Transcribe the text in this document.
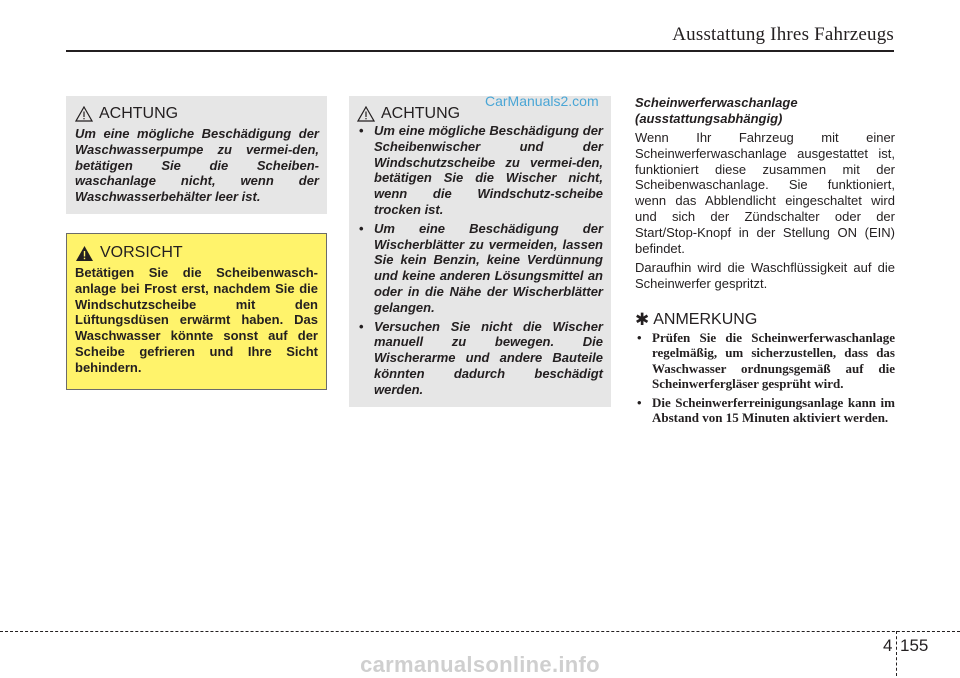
Ausstattung Ihres Fahrzeugs
ACHTUNG
Um eine mögliche Beschädigung der Waschwasserpumpe zu vermei-den, betätigen Sie die Scheiben-waschanlage nicht, wenn der Waschwasserbehälter leer ist.
VORSICHT
Betätigen Sie die Scheibenwasch-anlage bei Frost erst, nachdem Sie die Windschutzscheibe mit den Lüftungsdüsen erwärmt haben. Das Waschwasser könnte sonst auf der Scheibe gefrieren und Ihre Sicht behindern.
ACHTUNG
• Um eine mögliche Beschädigung der Scheibenwischer und der Windschutzscheibe zu vermei-den, betätigen Sie die Wischer nicht, wenn die Windschutz-scheibe trocken ist.
• Um eine Beschädigung der Wischerblätter zu vermeiden, lassen Sie kein Benzin, keine Verdünnung und keine anderen Lösungsmittel an oder in die Nähe der Wischerblätter gelangen.
• Versuchen Sie nicht die Wischer manuell zu bewegen. Die Wischerarme und andere Bauteile könnten dadurch beschädigt werden.
CarManuals2.com	Scheinwerferwaschanlage (ausstattungsabhängig)

Wenn Ihr Fahrzeug mit einer Scheinwerferwaschanlage ausgestattet ist, funktioniert diese zusammen mit der Scheibenwaschanlage. Sie funktioniert, wenn das Abblendlicht eingeschaltet wird und sich der Zündschalter oder der Start/Stop-Knopf in der Stellung ON (EIN) befindet.

Daraufhin wird die Waschflüssigkeit auf die Scheinwerfer gespritzt.

✱ ANMERKUNG
• Prüfen Sie die Scheinwerferwaschanlage regelmäßig, um sicherzustellen, dass das Waschwasser ordnungsgemäß auf die Scheinwerfergläser gesprüht wird.
• Die Scheinwerferreinigungsanlage kann im Abstand von 15 Minuten aktiviert werden.
4 155
carmanualsonline.info
